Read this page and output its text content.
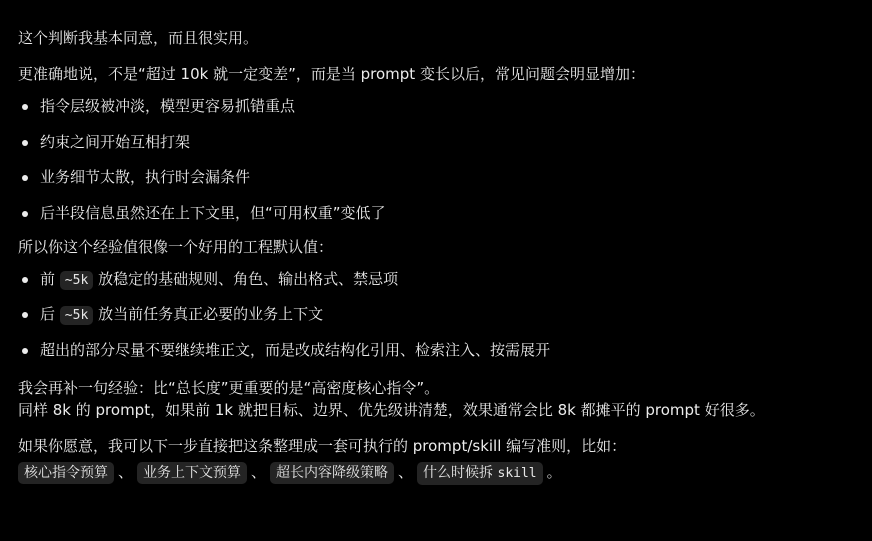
这个判断我基本同意，而且很实用。

更准确地说，不是“超过 10k 就一定变差”，而是当 prompt 变长以后，常见问题会明显增加：

指令层级被冲淡，模型更容易抓错重点
约束之间开始互相打架
业务细节太散，执行时会漏条件
后半段信息虽然还在上下文里，但“可用权重”变低了

所以你这个经验值很像一个好用的工程默认值：

前 ~5k 放稳定的基础规则、角色、输出格式、禁忌项
后 ~5k 放当前任务真正必要的业务上下文
超出的部分尽量不要继续堆正文，而是改成结构化引用、检索注入、按需展开

我会再补一句经验：比“总长度”更重要的是“高密度核心指令”。

同样 8k 的 prompt，如果前 1k 就把目标、边界、优先级讲清楚，效果通常会比 8k 都摊平的 prompt 好很多。

如果你愿意，我可以下一步直接把这条整理成一套可执行的 prompt/skill 编写准则，比如：

核心指令预算 、 业务上下文预算 、 超长内容降级策略 、 什么时候拆 skill 。
